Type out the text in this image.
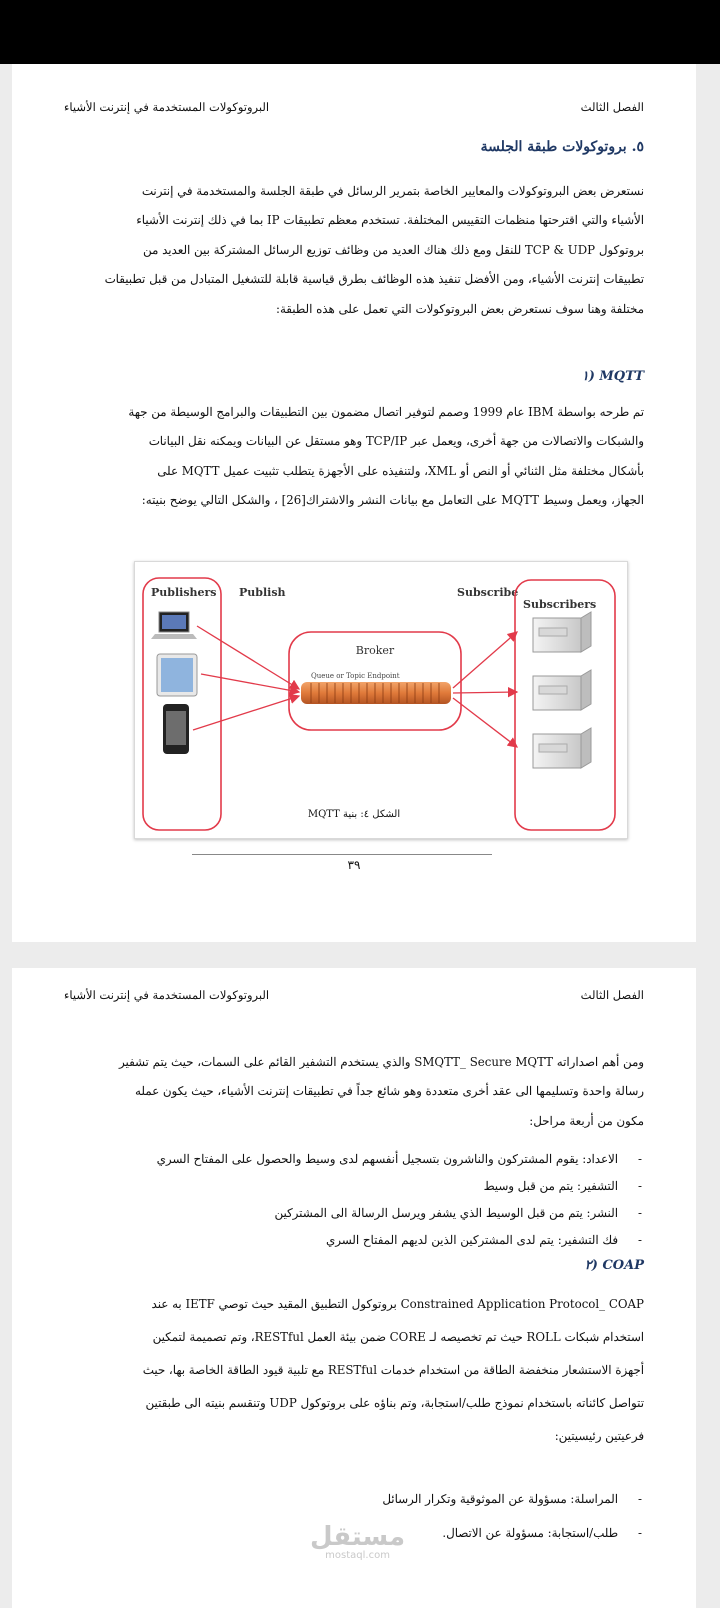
الفصل الثالث
البروتوكولات المستخدمة في إنترنت الأشياء
٥. بروتوكولات طبقة الجلسة

نستعرض بعض البروتوكولات والمعايير الخاصة بتمرير الرسائل في طبقة الجلسة والمستخدمة في إنترنت

الأشياء والتي اقترحتها منظمات التقييس المختلفة. تستخدم معظم تطبيقات IP بما في ذلك إنترنت الأشياء

بروتوكول TCP & UDP للنقل ومع ذلك هناك العديد من وظائف توزيع الرسائل المشتركة بين العديد من

تطبيقات إنترنت الأشياء، ومن الأفضل تنفيذ هذه الوظائف بطرق قياسية قابلة للتشغيل المتبادل من قبل تطبيقات

مختلفة وهنا سوف نستعرض بعض البروتوكولات التي تعمل على هذه الطبقة:

MQTT (١

تم طرحه بواسطة IBM عام 1999 وصمم لتوفير اتصال مضمون بين التطبيقات والبرامج الوسيطة من جهة

والشبكات والاتصالات من جهة أخرى، ويعمل عبر TCP/IP وهو مستقل عن البيانات ويمكنه نقل البيانات

بأشكال مختلفة مثل الثنائي أو النص أو XML، ولتنفيذه على الأجهزة يتطلب تثبيت عميل MQTT على

الجهاز، ويعمل وسيط MQTT على التعامل مع بيانات النشر والاشتراك[26] ، والشكل التالي يوضح بنيته:

Publishers Publish
Broker
Queue or Topic Endpoint
Subscribe
Subscribers
الشكل ٤: بنية MQTT
٣٩
الفصل الثالث
البروتوكولات المستخدمة في إنترنت الأشياء

ومن أهم اصداراته SMQTT_ Secure MQTT والذي يستخدم التشفير القائم على السمات، حيث يتم تشفير

رسالة واحدة وتسليمها الى عقد أخرى متعددة وهو شائع جداً في تطبيقات إنترنت الأشياء، حيث يكون عمله

مكون من أربعة مراحل:

-
الاعداد: يقوم المشتركون والناشرون بتسجيل أنفسهم لدى وسيط والحصول على المفتاح السري
-
التشفير: يتم من قبل وسيط
-
النشر: يتم من قبل الوسيط الذي يشفر ويرسل الرسالة الى المشتركين
-
فك التشفير: يتم لدى المشتركين الذين لديهم المفتاح السري
COAP (٢

Constrained Application Protocol_ COAP بروتوكول التطبيق المقيد حيث توصي IETF به عند

استخدام شبكات ROLL حيث تم تخصيصه لـ CORE ضمن بيئة العمل RESTful، وتم تصميمة لتمكين

أجهزة الاستشعار منخفضة الطاقة من استخدام خدمات RESTful مع تلبية قيود الطاقة الخاصة بها، حيث

تتواصل كائناته باستخدام نموذج طلب/استجابة، وتم بناؤه على بروتوكول UDP وتنقسم بنيته الى طبقتين

فرعيتين رئيسيتين:

-
المراسلة: مسؤولة عن الموثوقية وتكرار الرسائل
-
طلب/استجابة: مسؤولة عن الاتصال.
مستقل
mostaql.com
